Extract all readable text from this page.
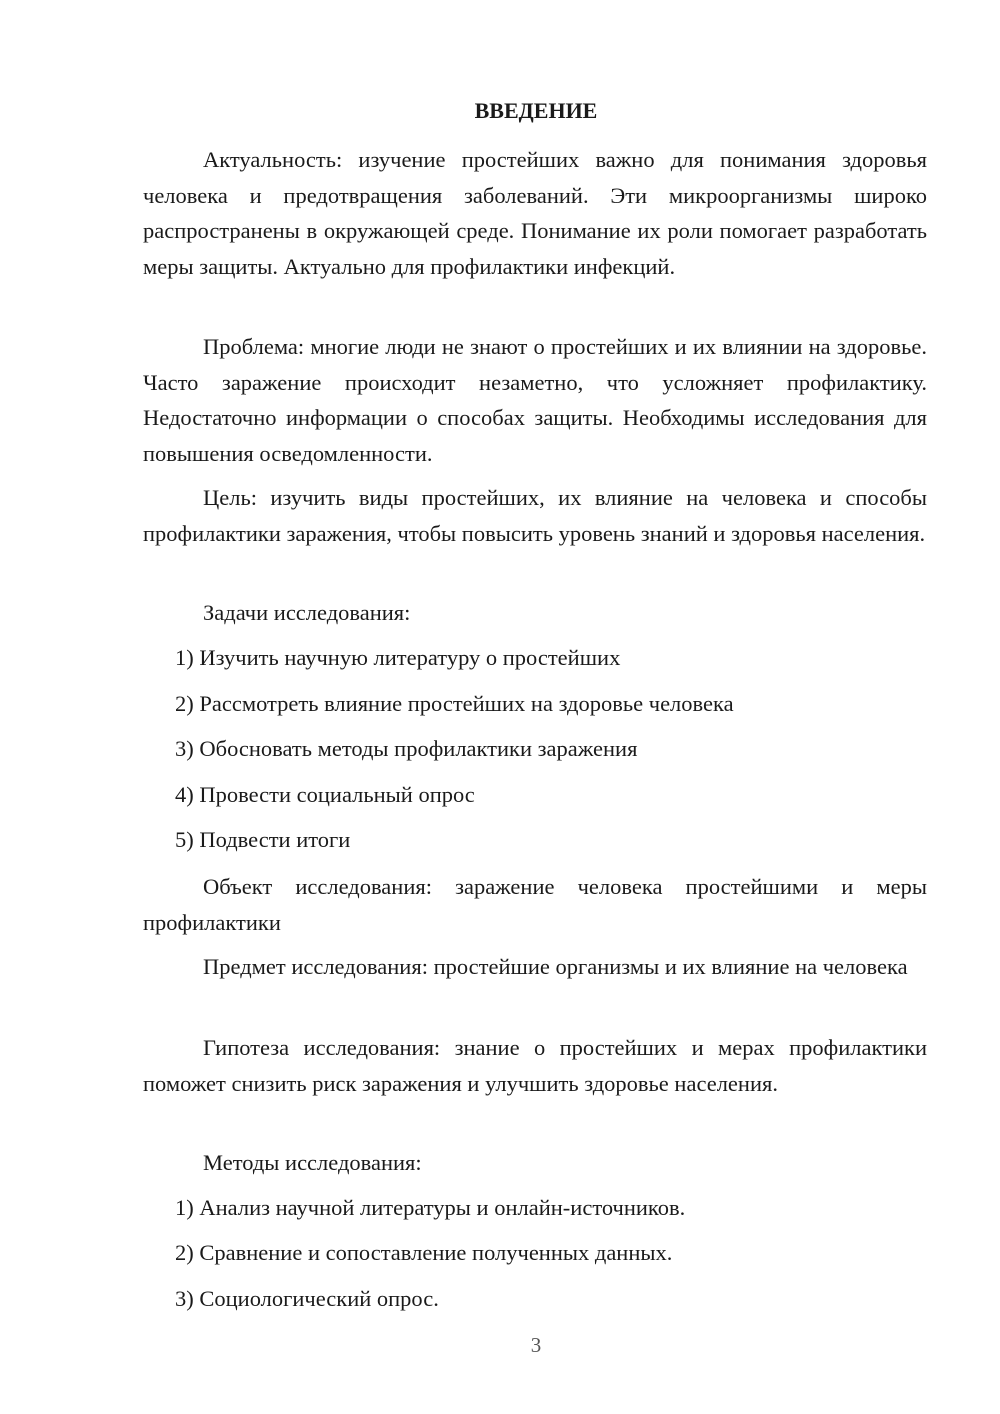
ВВЕДЕНИЕ

Актуальность: изучение простейших важно для понимания здоровья человека и предотвращения заболеваний. Эти микроорганизмы широко распространены в окружающей среде. Понимание их роли помогает разработать меры защиты. Актуально для профилактики инфекций.

Проблема: многие люди не знают о простейших и их влиянии на здоровье. Часто заражение происходит незаметно, что усложняет профилактику. Недостаточно информации о способах защиты. Необходимы исследования для повышения осведомленности.

Цель: изучить виды простейших, их влияние на человека и способы профилактики заражения, чтобы повысить уровень знаний и здоровья населения.

Задачи исследования:
1) Изучить научную литературу о простейших
2) Рассмотреть влияние простейших на здоровье человека
3) Обосновать методы профилактики заражения
4) Провести социальный опрос
5) Подвести итоги

Объект исследования: заражение человека простейшими и меры профилактики

Предмет исследования: простейшие организмы и их влияние на человека

Гипотеза исследования: знание о простейших и мерах профилактики поможет снизить риск заражения и улучшить здоровье населения.

Методы исследования:
1) Анализ научной литературы и онлайн-источников.
2) Сравнение и сопоставление полученных данных.
3) Социологический опрос.
3
